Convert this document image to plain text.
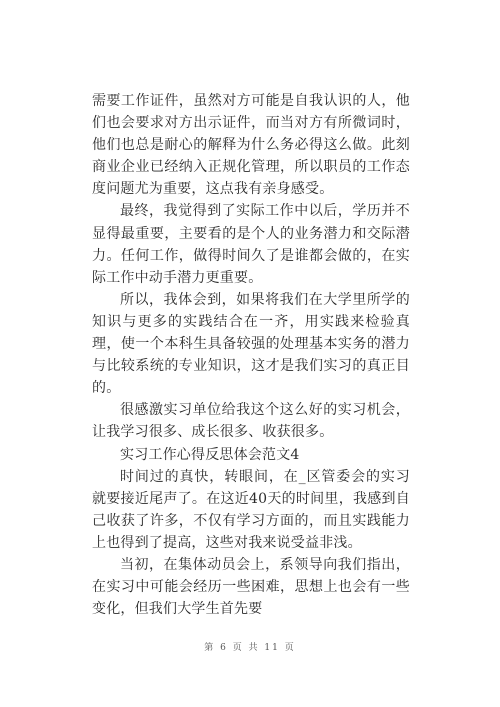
需要工作证件，虽然对方可能是自我认识的人，他们也会要求对方出示证件，而当对方有所微词时，他们也总是耐心的解释为什么务必得这么做。此刻商业企业已经纳入正规化管理，所以职员的工作态度问题尤为重要，这点我有亲身感受。

最终，我觉得到了实际工作中以后，学历并不显得最重要，主要看的是个人的业务潜力和交际潜力。任何工作，做得时间久了是谁都会做的，在实际工作中动手潜力更重要。

所以，我体会到，如果将我们在大学里所学的知识与更多的实践结合在一齐，用实践来检验真理，使一个本科生具备较强的处理基本实务的潜力与比较系统的专业知识，这才是我们实习的真正目的。

很感激实习单位给我这个这么好的实习机会，让我学习很多、成长很多、收获很多。

实习工作心得反思体会范文4

时间过的真快，转眼间，在_区管委会的实习就要接近尾声了。在这近40天的时间里，我感到自己收获了许多，不仅有学习方面的，而且实践能力上也得到了提高，这些对我来说受益非浅。

当初，在集体动员会上，系领导向我们指出，在实习中可能会经历一些困难，思想上也会有一些变化，但我们大学生首先要

第 6 页 共 11 页
